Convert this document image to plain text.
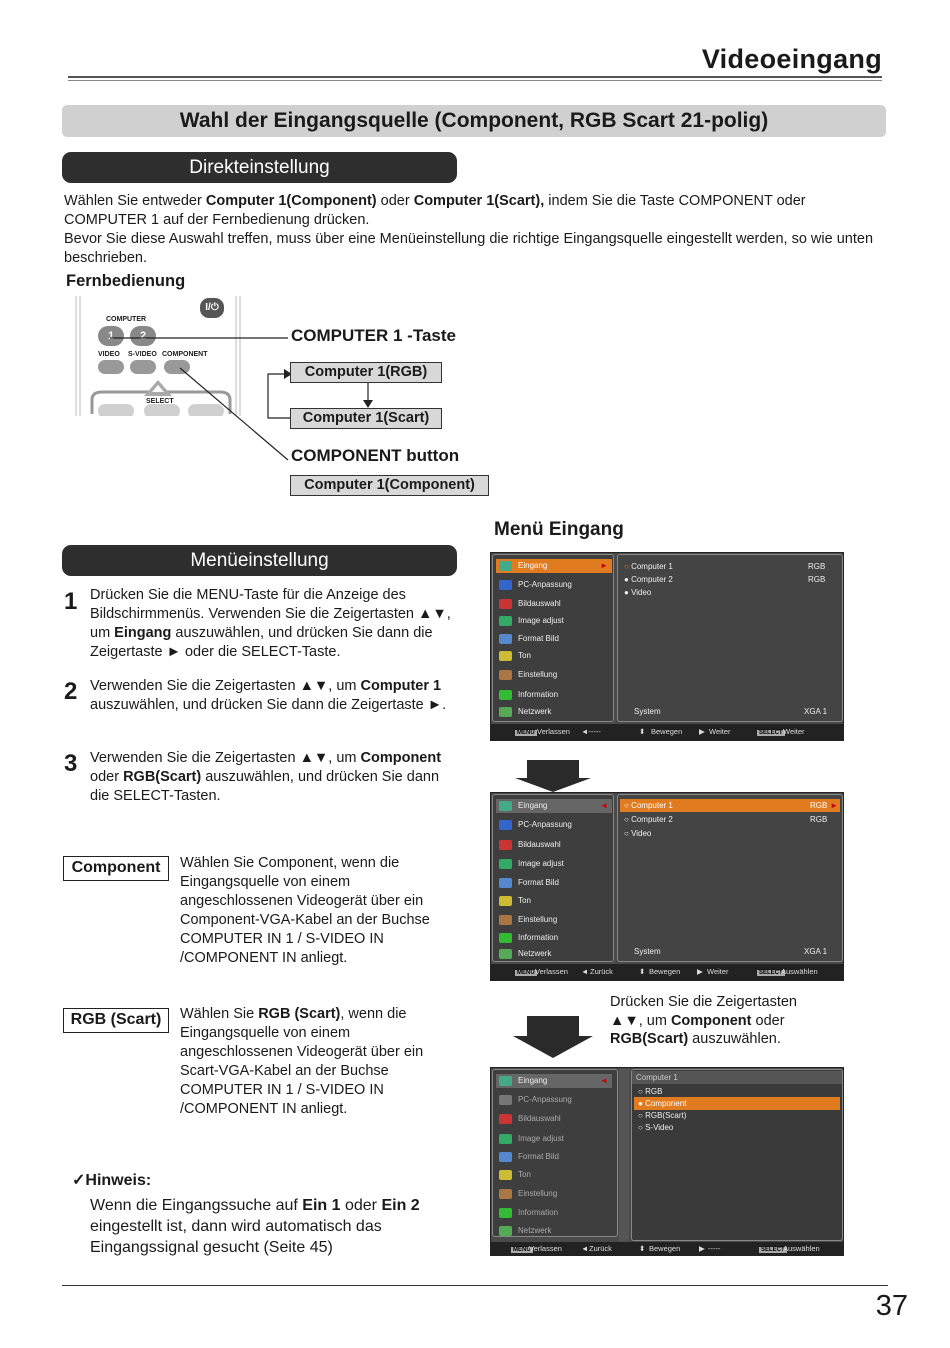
Videoeingang
Wahl der Eingangsquelle (Component, RGB Scart 21-polig)
Direkteinstellung
Wählen Sie entweder Computer 1(Component) oder Computer 1(Scart), indem Sie die Taste COMPONENT oder COMPUTER 1 auf der Fernbedienung drücken.
Bevor Sie diese Auswahl treffen, muss über eine Menüeinstellung die richtige Eingangsquelle eingestellt werden, so wie unten beschrieben.
Fernbedienung
I/⏻
COMPUTER
1	2
VIDEO S-VIDEO COMPONENT
SELECT
COMPUTER 1 -Taste
Computer 1(RGB)
Computer 1(Scart)
COMPONENT button
Computer 1(Component)
Menü Eingang
Menüeinstellung
1 Drücken Sie die MENU-Taste für die Anzeige des Bildschirmmenüs. Verwenden Sie die Zeigertasten ▲▼, um Eingang auszuwählen, und drücken Sie dann die Zeigertaste ► oder die SELECT-Taste.
2 Verwenden Sie die Zeigertasten ▲▼, um Computer 1 auszuwählen, und drücken Sie dann die Zeigertaste ►.
3 Verwenden Sie die Zeigertasten ▲▼, um Component oder RGB(Scart) auszuwählen, und drücken Sie dann die SELECT-Tasten.
Component	Wählen Sie Component, wenn die Eingangsquelle von einem angeschlossenen Videogerät über ein Component-VGA-Kabel an der Buchse COMPUTER IN 1 / S-VIDEO IN /COMPONENT IN anliegt.
RGB (Scart)	Wählen Sie RGB (Scart), wenn die Eingangsquelle von einem angeschlossenen Videogerät über ein Scart-VGA-Kabel an der Buchse COMPUTER IN 1 / S-VIDEO IN /COMPONENT IN anliegt.
✓Hinweis:
Wenn die Eingangssuche auf Ein 1 oder Ein 2 eingestellt ist, dann wird automatisch das Eingangssignal gesucht (Seite 45)
Eingang	►
PC-Anpassung
Bildauswahl
Image adjust
Format Bild
Ton
Einstellung
Information
Netzwerk
○ Computer 1	RGB
● Computer 2	RGB
● Video
System	XGA 1
MENU Verlassen ◄-----	⬍ Bewegen ▶ Weiter	SELECT Weiter
Eingang	◄
PC-Anpassung
Bildauswahl
Image adjust
Format Bild
Ton
Einstellung
Information
Netzwerk
○ Computer 1	RGB ►
○ Computer 2	RGB
○ Video
System	XGA 1
MENU Verlassen ◄ Zurück	⬍ Bewegen ▶ Weiter	SELECT
Auswählen
Drücken Sie die Zeigertasten ▲▼, um Component oder RGB(Scart) auszuwählen.
Eingang	◄
PC-Anpassung
Bildauswahl
Image adjust
Format Bild
Ton
Einstellung
Information
Netzwerk
Computer 1
○ RGB
● Component
○ RGB(Scart)
○ S-Video
MENU
Verlassen	◄ Zurück	⬍ Bewegen ▶ -----	SELECT
Auswählen
37
